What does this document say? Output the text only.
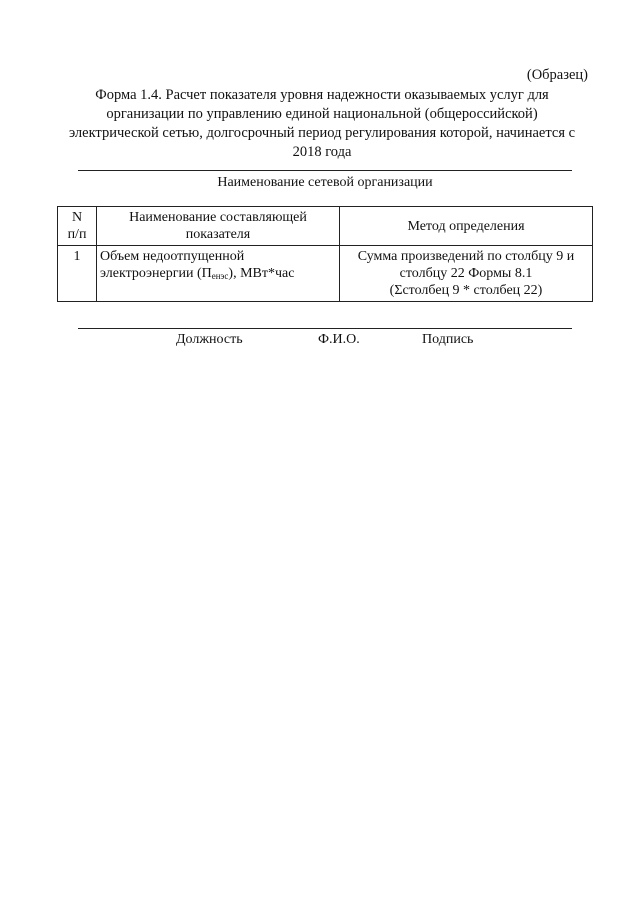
(Образец)
Форма 1.4. Расчет показателя уровня надежности оказываемых услуг для
организации по управлению единой национальной (общероссийской)
электрической сетью, долгосрочный период регулирования которой, начинается с
2018 года
Наименование сетевой организации
N
п/п	Наименование составляющей показателя	Метод определения
1	Объем недоотпущенной электроэнергии $(П_{енэс})$, МВт*час	Сумма произведений по столбцу 9 и
столбцу 22 Формы 8.1
(Σстолбец 9 * столбец 22)
Должность	Ф.И.О.	Подпись
